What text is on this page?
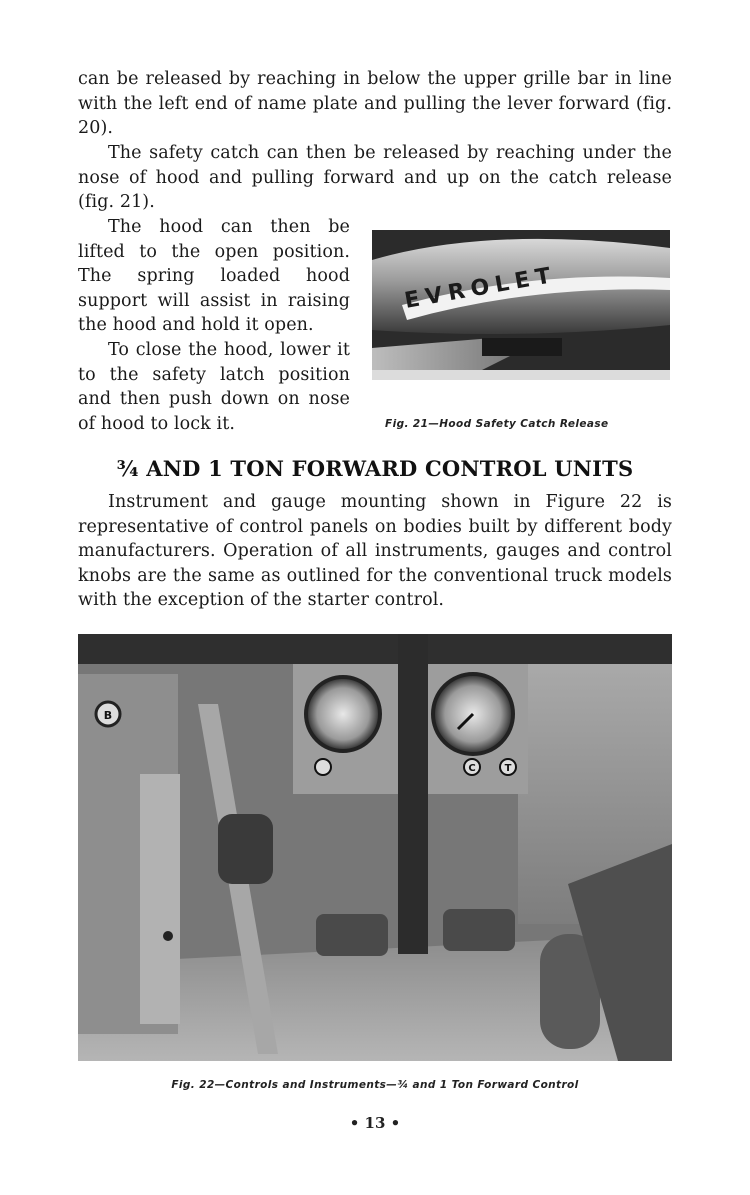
can be released by reaching in below the upper grille bar in line with the left end of name plate and pulling the lever forward (fig. 20).

The safety catch can then be released by reaching under the nose of hood and pulling forward and up on the catch release (fig. 21).

The hood can then be lifted to the open position. The spring loaded hood support will assist in raising the hood and hold it open.

To close the hood, lower it to the safety latch position and then push down on nose of hood to lock it.

EVROLET

Fig. 21—Hood Safety Catch Release

¾ AND 1 TON FORWARD CONTROL UNITS

Instrument and gauge mounting shown in Figure 22 is representative of control panels on bodies built by different body manufacturers. Operation of all instruments, gauges and control knobs are the same as outlined for the conventional truck models with the exception of the starter control.

B
C	T

Fig. 22—Controls and Instruments—¾ and 1 Ton Forward Control

• 13 •
